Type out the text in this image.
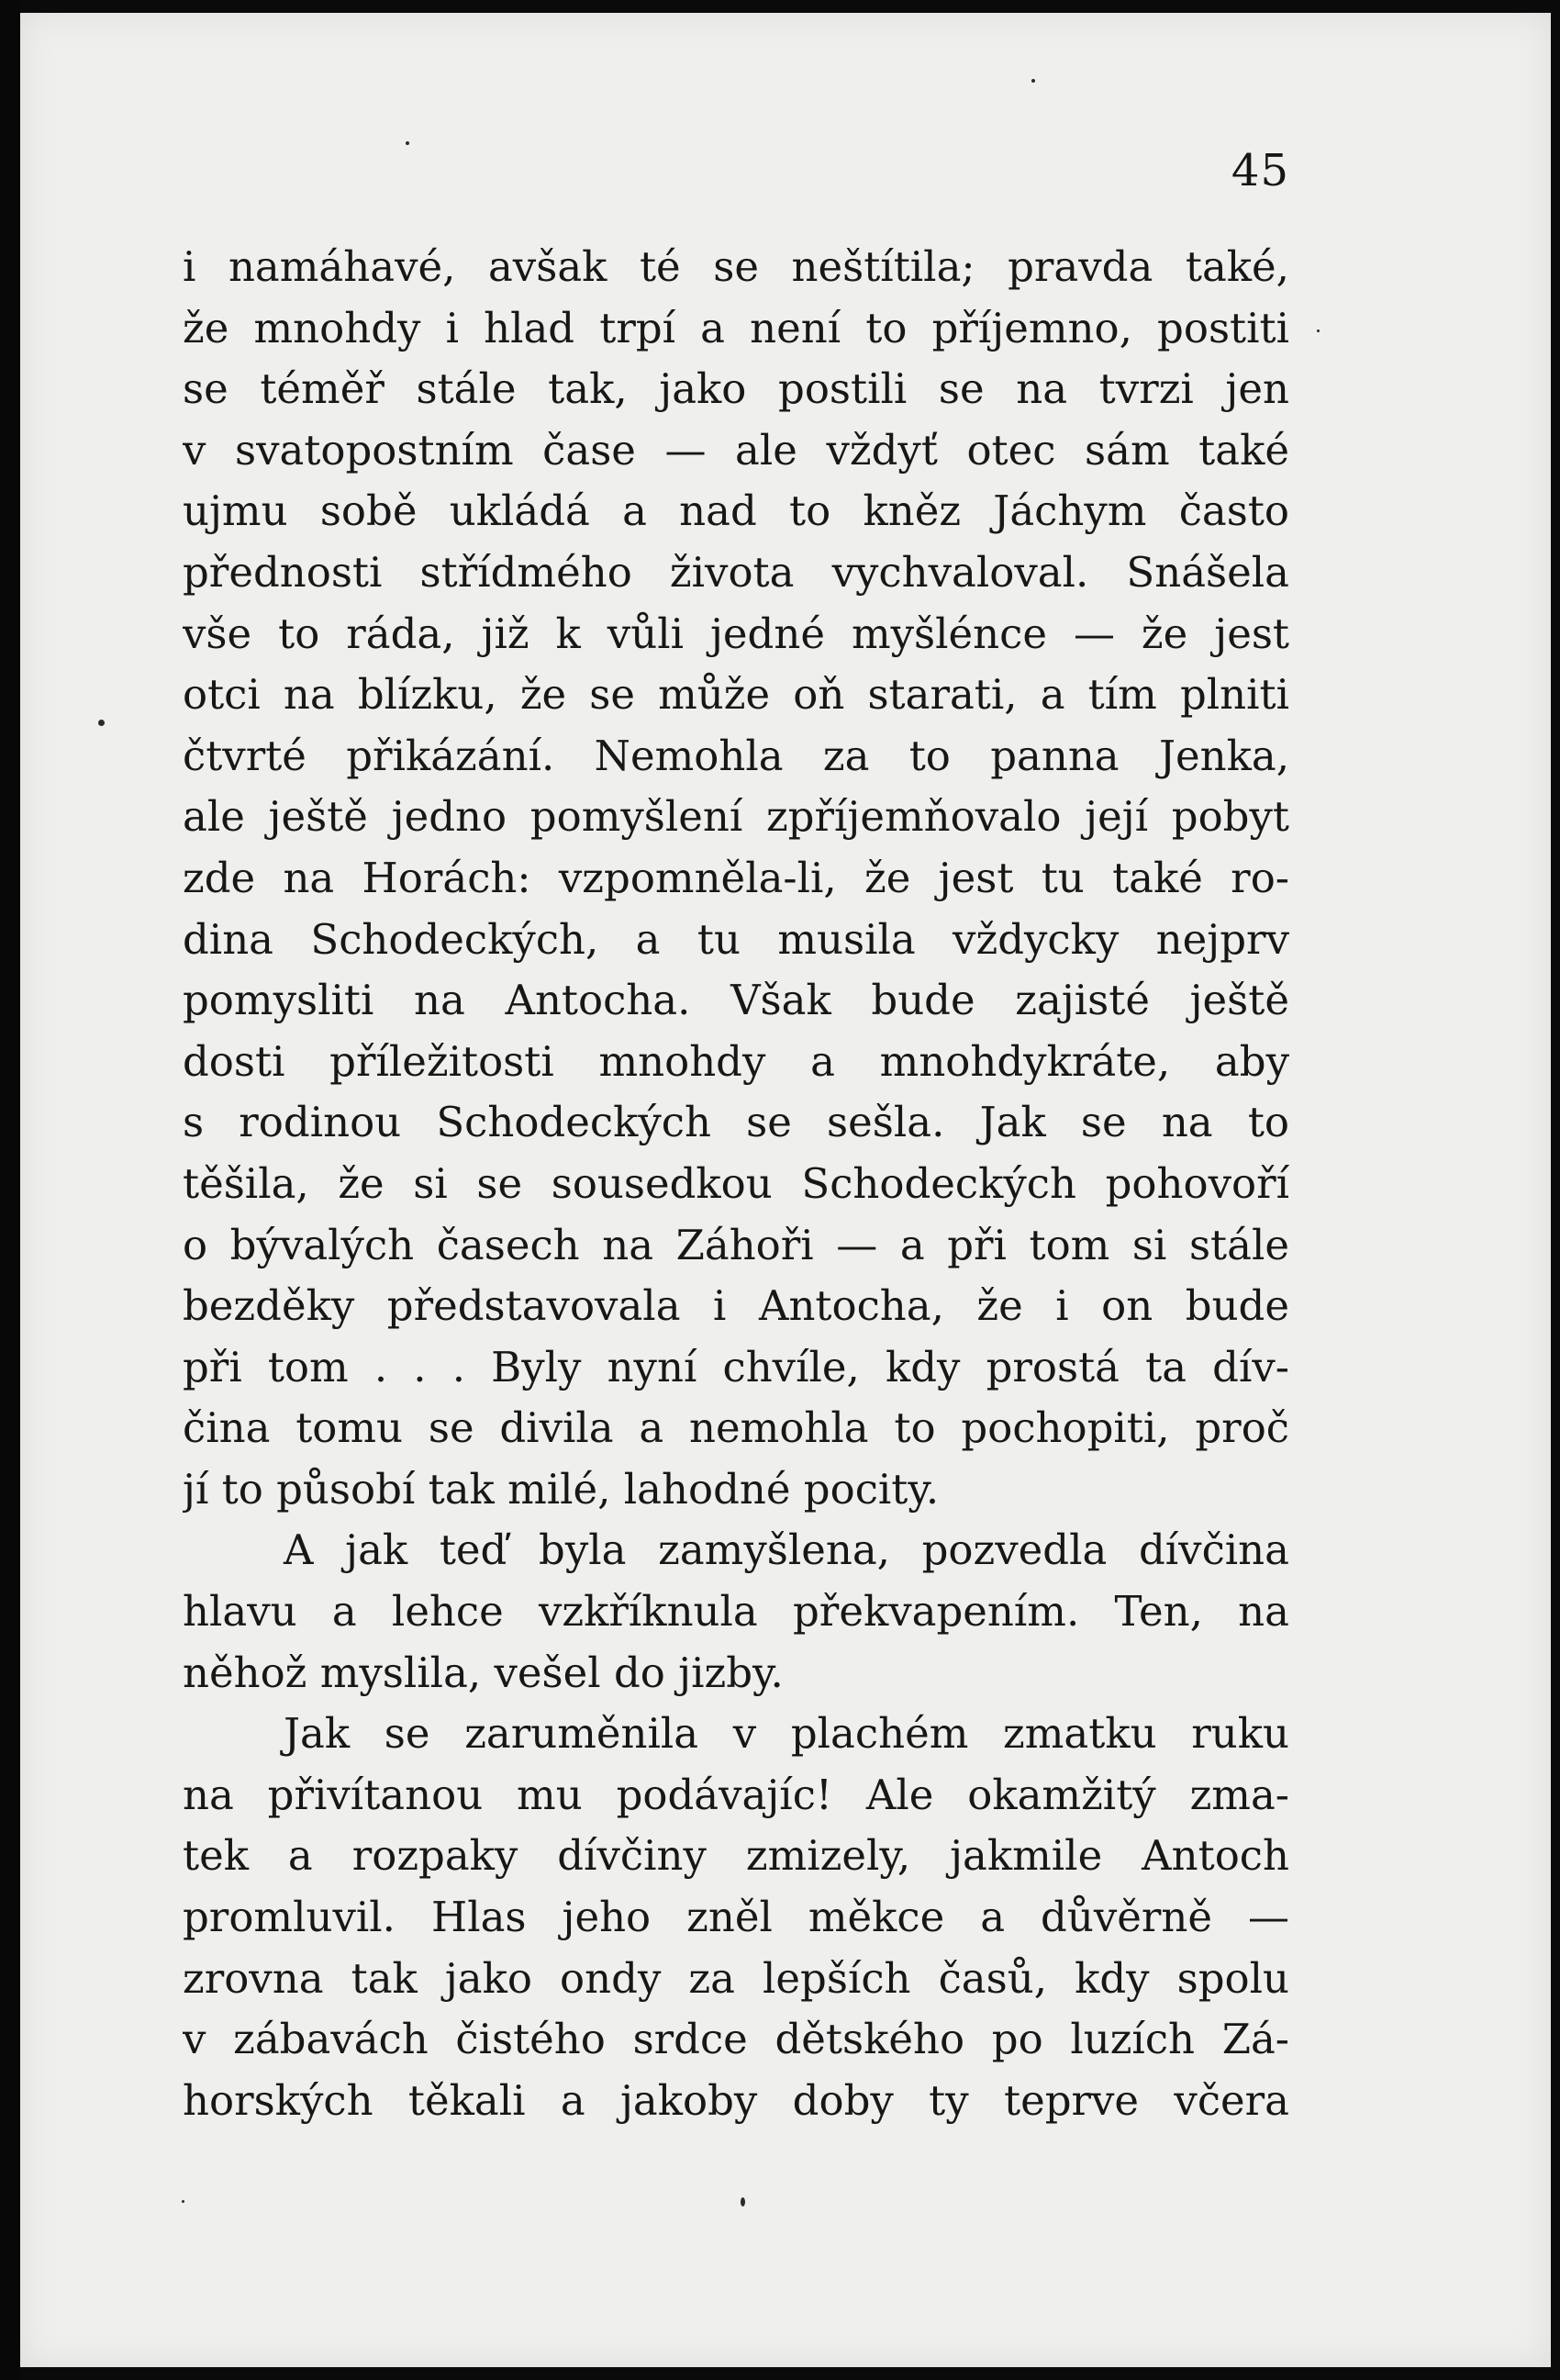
45

i namáhavé, avšak té se neštítila; pravda také,
že mnohdy i hlad trpí a není to příjemno, postiti
se téměř stále tak, jako postili se na tvrzi jen
v svatopostním čase — ale vždyť otec sám také
ujmu sobě ukládá a nad to kněz Jáchym často
přednosti střídmého života vychvaloval. Snášela
vše to ráda, již k vůli jedné myšlénce — že jest
otci na blízku, že se může oň starati, a tím plniti
čtvrté přikázání. Nemohla za to panna Jenka,
ale ještě jedno pomyšlení zpříjemňovalo její pobyt
zde na Horách: vzpomněla-li, že jest tu také ro-
dina Schodeckých, a tu musila vždycky nejprv
pomysliti na Antocha. Však bude zajisté ještě
dosti příležitosti mnohdy a mnohdykráte, aby
s rodinou Schodeckých se sešla. Jak se na to
těšila, že si se sousedkou Schodeckých pohovoří
o bývalých časech na Záhoři — a při tom si stále
bezděky představovala i Antocha, že i on bude
při tom . . . Byly nyní chvíle, kdy prostá ta dív-
čina tomu se divila a nemohla to pochopiti, proč
jí to působí tak milé, lahodné pocity.

A jak teď byla zamyšlena, pozvedla dívčina
hlavu a lehce vzkříknula překvapením. Ten, na
něhož myslila, vešel do jizby.

Jak se zaruměnila v plachém zmatku ruku
na přivítanou mu podávajíc! Ale okamžitý zma-
tek a rozpaky dívčiny zmizely, jakmile Antoch
promluvil. Hlas jeho zněl měkce a důvěrně —
zrovna tak jako ondy za lepších časů, kdy spolu
v zábavách čistého srdce dětského po luzích Zá-
horských těkali a jakoby doby ty teprve včera
